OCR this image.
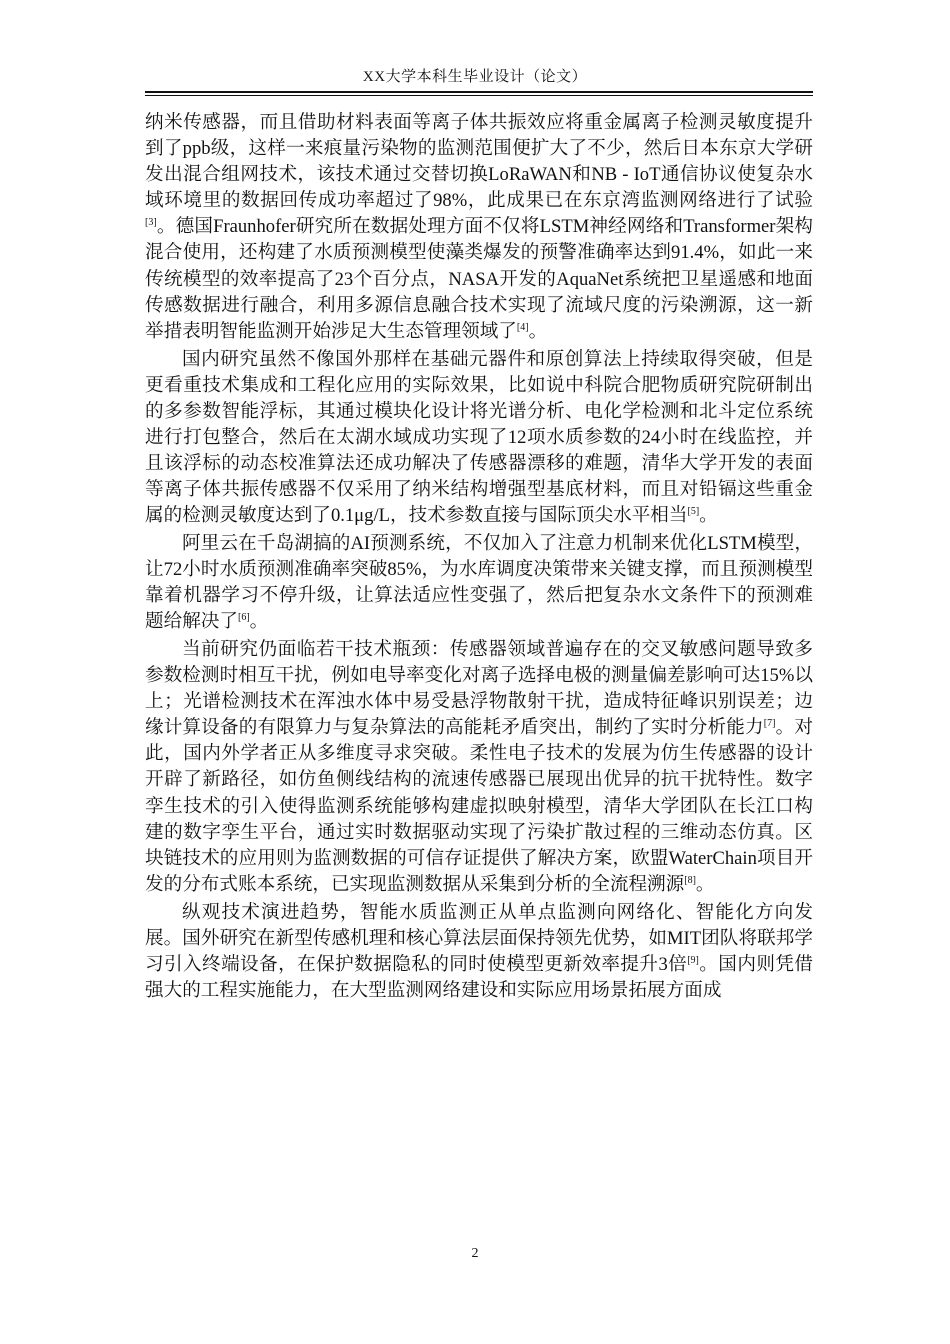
XX大学本科生毕业设计（论文）

纳米传感器，而且借助材料表面等离子体共振效应将重金属离子检测灵敏度提升到了ppb级，这样一来痕量污染物的监测范围便扩大了不少，然后日本东京大学研发出混合组网技术，该技术通过交替切换LoRaWAN和NB - IoT通信协议使复杂水域环境里的数据回传成功率超过了98%，此成果已在东京湾监测网络进行了试验[3]。德国Fraunhofer研究所在数据处理方面不仅将LSTM神经网络和Transformer架构混合使用，还构建了水质预测模型使藻类爆发的预警准确率达到91.4%，如此一来传统模型的效率提高了23个百分点，NASA开发的AquaNet系统把卫星遥感和地面传感数据进行融合，利用多源信息融合技术实现了流域尺度的污染溯源，这一新举措表明智能监测开始涉足大生态管理领域了[4]。

国内研究虽然不像国外那样在基础元器件和原创算法上持续取得突破，但是更看重技术集成和工程化应用的实际效果，比如说中科院合肥物质研究院研制出的多参数智能浮标，其通过模块化设计将光谱分析、电化学检测和北斗定位系统进行打包整合，然后在太湖水域成功实现了12项水质参数的24小时在线监控，并且该浮标的动态校准算法还成功解决了传感器漂移的难题，清华大学开发的表面等离子体共振传感器不仅采用了纳米结构增强型基底材料，而且对铅镉这些重金属的检测灵敏度达到了0.1μg/L，技术参数直接与国际顶尖水平相当[5]。

阿里云在千岛湖搞的AI预测系统，不仅加入了注意力机制来优化LSTM模型，让72小时水质预测准确率突破85%，为水库调度决策带来关键支撑，而且预测模型靠着机器学习不停升级，让算法适应性变强了，然后把复杂水文条件下的预测难题给解决了[6]。

当前研究仍面临若干技术瓶颈：传感器领域普遍存在的交叉敏感问题导致多参数检测时相互干扰，例如电导率变化对离子选择电极的测量偏差影响可达15%以上；光谱检测技术在浑浊水体中易受悬浮物散射干扰，造成特征峰识别误差；边缘计算设备的有限算力与复杂算法的高能耗矛盾突出，制约了实时分析能力[7]。对此，国内外学者正从多维度寻求突破。柔性电子技术的发展为仿生传感器的设计开辟了新路径，如仿鱼侧线结构的流速传感器已展现出优异的抗干扰特性。数字孪生技术的引入使得监测系统能够构建虚拟映射模型，清华大学团队在长江口构建的数字孪生平台，通过实时数据驱动实现了污染扩散过程的三维动态仿真。区块链技术的应用则为监测数据的可信存证提供了解决方案，欧盟WaterChain项目开发的分布式账本系统，已实现监测数据从采集到分析的全流程溯源[8]。

纵观技术演进趋势，智能水质监测正从单点监测向网络化、智能化方向发展。国外研究在新型传感机理和核心算法层面保持领先优势，如MIT团队将联邦学习引入终端设备，在保护数据隐私的同时使模型更新效率提升3倍[9]。国内则凭借强大的工程实施能力，在大型监测网络建设和实际应用场景拓展方面成

2
